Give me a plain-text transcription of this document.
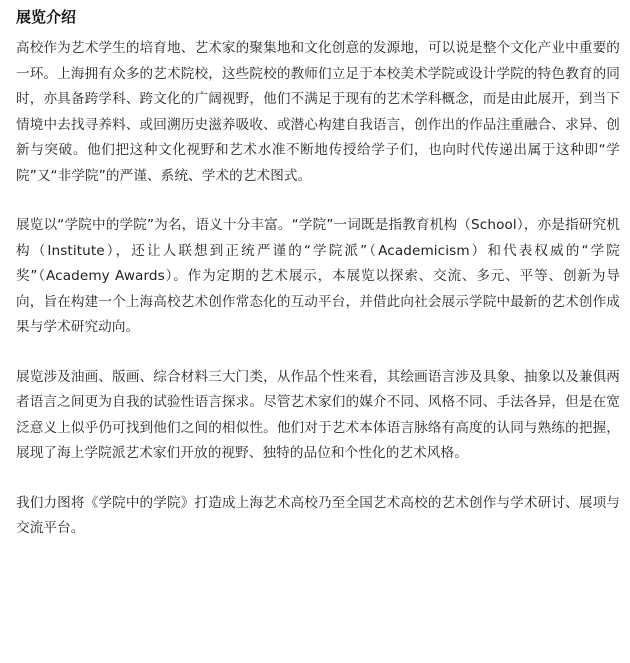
展览介绍

高校作为艺术学生的培育地、艺术家的聚集地和文化创意的发源地，可以说是整个文化产业中重要的一环。上海拥有众多的艺术院校，这些院校的教师们立足于本校美术学院或设计学院的特色教育的同时，亦具备跨学科、跨文化的广阔视野，他们不满足于现有的艺术学科概念，而是由此展开，到当下情境中去找寻养料、或回溯历史滋养吸收、或潜心构建自我语言，创作出的作品注重融合、求异、创新与突破。他们把这种文化视野和艺术水准不断地传授给学子们，也向时代传递出属于这种即“学院”又“非学院”的严谨、系统、学术的艺术图式。

展览以“学院中的学院”为名，语义十分丰富。“学院”一词既是指教育机构（School），亦是指研究机构（Institute），还让人联想到正统严谨的“学院派”（Academicism）和代表权威的“学院奖”（Academy Awards）。作为定期的艺术展示，本展览以探索、交流、多元、平等、创新为导向，旨在构建一个上海高校艺术创作常态化的互动平台，并借此向社会展示学院中最新的艺术创作成果与学术研究动向。

展览涉及油画、版画、综合材料三大门类，从作品个性来看，其绘画语言涉及具象、抽象以及兼俱两者语言之间更为自我的试验性语言探求。尽管艺术家们的媒介不同、风格不同、手法各异，但是在宽泛意义上似乎仍可找到他们之间的相似性。他们对于艺术本体语言脉络有高度的认同与熟练的把握，展现了海上学院派艺术家们开放的视野、独特的品位和个性化的艺术风格。

我们力图将《学院中的学院》打造成上海艺术高校乃至全国艺术高校的艺术创作与学术研讨、展项与交流平台。
